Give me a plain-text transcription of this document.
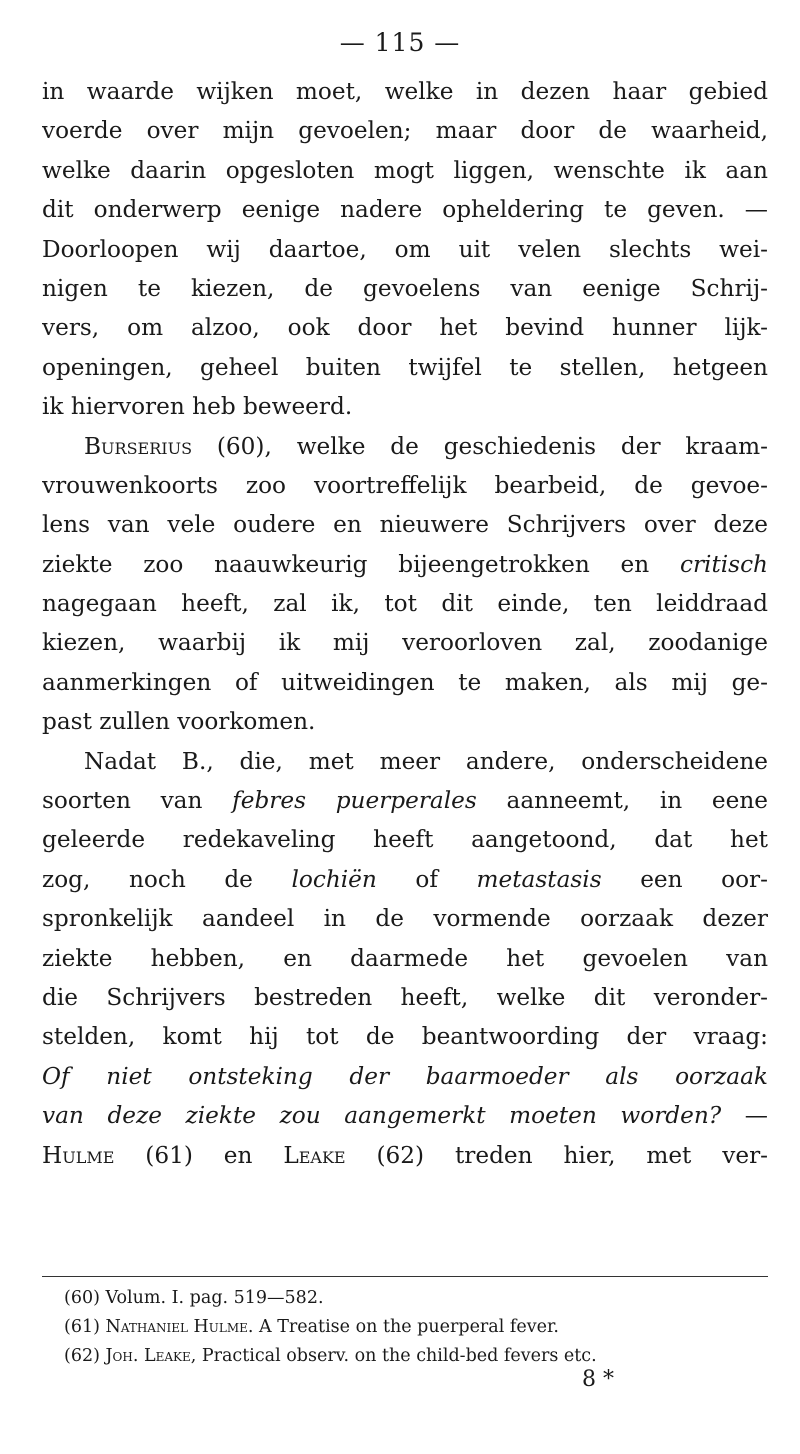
— 115 —
in waarde wijken moet, welke in dezen haar gebied
voerde over mijn gevoelen; maar door de waarheid,
welke daarin opgesloten mogt liggen, wenschte ik aan
dit onderwerp eenige nadere opheldering te geven. —
Doorloopen wij daartoe, om uit velen slechts wei-
nigen te kiezen, de gevoelens van eenige Schrij-
vers, om alzoo, ook door het bevind hunner lijk-
openingen, geheel buiten twijfel te stellen, hetgeen
ik hiervoren heb beweerd.
Burserius (60), welke de geschiedenis der kraam-
vrouwenkoorts zoo voortreffelijk bearbeid, de gevoe-
lens van vele oudere en nieuwere Schrijvers over deze
ziekte zoo naauwkeurig bijeengetrokken en critisch
nagegaan heeft, zal ik, tot dit einde, ten leiddraad
kiezen, waarbij ik mij veroorloven zal, zoodanige
aanmerkingen of uitweidingen te maken, als mij ge-
past zullen voorkomen.
Nadat B., die, met meer andere, onderscheidene
soorten van febres puerperales aanneemt, in eene
geleerde redekaveling heeft aangetoond, dat het
zog, noch de lochiën of metastasis een oor-
spronkelijk aandeel in de vormende oorzaak dezer
ziekte hebben, en daarmede het gevoelen van
die Schrijvers bestreden heeft, welke dit veronder-
stelden, komt hij tot de beantwoording der vraag:
Of niet ontsteking der baarmoeder als oorzaak
van deze ziekte zou aangemerkt moeten worden? —
Hulme (61) en Leake (62) treden hier, met ver-
(60) Volum. I. pag. 519—582.
(61) Nathaniel Hulme. A Treatise on the puerperal fever.
(62) Joh. Leake, Practical observ. on the child-bed fevers etc.
8 *
